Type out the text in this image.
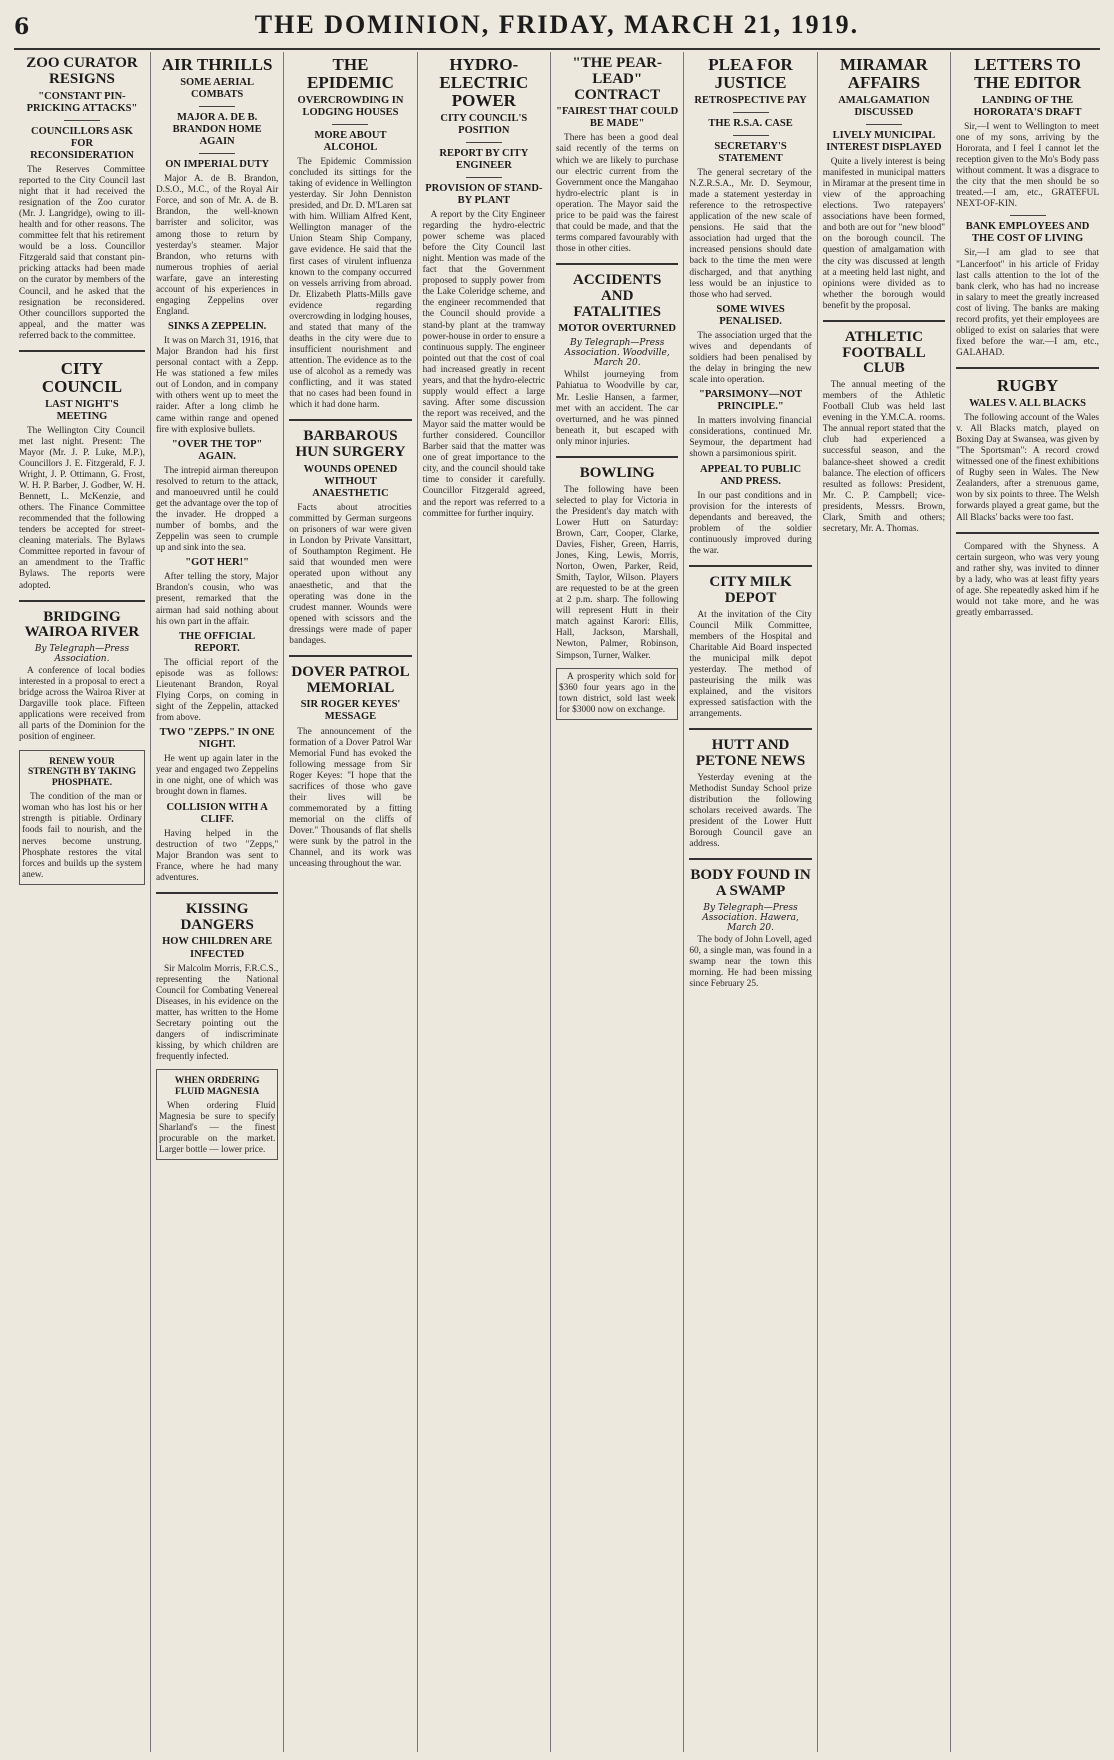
6	THE DOMINION, FRIDAY, MARCH 21, 1919.
ZOO CURATOR RESIGNS
"CONSTANT PIN-PRICKING ATTACKS"
COUNCILLORS ASK FOR RECONSIDERATION

The Reserves Committee reported to the City Council last night that it had received the resignation of the Zoo curator (Mr. J. Langridge), owing to ill-health and for other reasons. The committee felt that his retirement would be a loss. Councillor Fitzgerald said that constant pin-pricking attacks had been made on the curator by members of the Council, and he asked that the resignation be reconsidered. Other councillors supported the appeal, and the matter was referred back to the committee.

CITY COUNCIL
LAST NIGHT'S MEETING

The Wellington City Council met last night. Present: The Mayor (Mr. J. P. Luke, M.P.), Councillors J. E. Fitzgerald, F. J. Wright, J. P. Ottimann, G. Frost, W. H. P. Barber, J. Godber, W. H. Bennett, L. McKenzie, and others. The Finance Committee recommended that the following tenders be accepted for street-cleaning materials. The Bylaws Committee reported in favour of an amendment to the Traffic Bylaws. The reports were adopted.

BRIDGING WAIROA RIVER
By Telegraph—Press Association.

A conference of local bodies interested in a proposal to erect a bridge across the Wairoa River at Dargaville took place. Fifteen applications were received from all parts of the Dominion for the position of engineer.

RENEW YOUR STRENGTH BY TAKING PHOSPHATE.

The condition of the man or woman who has lost his or her strength is pitiable. Ordinary foods fail to nourish, and the nerves become unstrung. Phosphate restores the vital forces and builds up the system anew.

AIR THRILLS
SOME AERIAL COMBATS
MAJOR A. DE B. BRANDON HOME AGAIN
ON IMPERIAL DUTY

Major A. de B. Brandon, D.S.O., M.C., of the Royal Air Force, and son of Mr. A. de B. Brandon, the well-known barrister and solicitor, was among those to return by yesterday's steamer. Major Brandon, who returns with numerous trophies of aerial warfare, gave an interesting account of his experiences in engaging Zeppelins over England.

SINKS A ZEPPELIN.

It was on March 31, 1916, that Major Brandon had his first personal contact with a Zepp. He was stationed a few miles out of London, and in company with others went up to meet the raider. After a long climb he came within range and opened fire with explosive bullets.

"OVER THE TOP" AGAIN.

The intrepid airman thereupon resolved to return to the attack, and manoeuvred until he could get the advantage over the top of the invader. He dropped a number of bombs, and the Zeppelin was seen to crumple up and sink into the sea.

"GOT HER!"

After telling the story, Major Brandon's cousin, who was present, remarked that the airman had said nothing about his own part in the affair.

THE OFFICIAL REPORT.

The official report of the episode was as follows: Lieutenant Brandon, Royal Flying Corps, on coming in sight of the Zeppelin, attacked from above.

TWO "ZEPPS." IN ONE NIGHT.

He went up again later in the year and engaged two Zeppelins in one night, one of which was brought down in flames.

COLLISION WITH A CLIFF.

Having helped in the destruction of two "Zepps," Major Brandon was sent to France, where he had many adventures.

KISSING DANGERS
HOW CHILDREN ARE INFECTED

Sir Malcolm Morris, F.R.C.S., representing the National Council for Combating Venereal Diseases, in his evidence on the matter, has written to the Home Secretary pointing out the dangers of indiscriminate kissing, by which children are frequently infected.

WHEN ORDERING FLUID MAGNESIA

When ordering Fluid Magnesia be sure to specify Sharland's — the finest procurable on the market. Larger bottle — lower price.

THE EPIDEMIC
OVERCROWDING IN LODGING HOUSES
MORE ABOUT ALCOHOL

The Epidemic Commission concluded its sittings for the taking of evidence in Wellington yesterday. Sir John Denniston presided, and Dr. D. M'Laren sat with him. William Alfred Kent, Wellington manager of the Union Steam Ship Company, gave evidence. He said that the first cases of virulent influenza known to the company occurred on vessels arriving from abroad. Dr. Elizabeth Platts-Mills gave evidence regarding overcrowding in lodging houses, and stated that many of the deaths in the city were due to insufficient nourishment and attention. The evidence as to the use of alcohol as a remedy was conflicting, and it was stated that no cases had been found in which it had done harm.

BARBAROUS HUN SURGERY
WOUNDS OPENED WITHOUT ANAESTHETIC

Facts about atrocities committed by German surgeons on prisoners of war were given in London by Private Vansittart, of Southampton Regiment. He said that wounded men were operated upon without any anaesthetic, and that the operating was done in the crudest manner. Wounds were opened with scissors and the dressings were made of paper bandages.

DOVER PATROL MEMORIAL
SIR ROGER KEYES' MESSAGE

The announcement of the formation of a Dover Patrol War Memorial Fund has evoked the following message from Sir Roger Keyes: "I hope that the sacrifices of those who gave their lives will be commemorated by a fitting memorial on the cliffs of Dover." Thousands of flat shells were sunk by the patrol in the Channel, and its work was unceasing throughout the war.

HYDRO-ELECTRIC POWER
CITY COUNCIL'S POSITION
REPORT BY CITY ENGINEER
PROVISION OF STAND-BY PLANT

A report by the City Engineer regarding the hydro-electric power scheme was placed before the City Council last night. Mention was made of the fact that the Government proposed to supply power from the Lake Coleridge scheme, and the engineer recommended that the Council should provide a stand-by plant at the tramway power-house in order to ensure a continuous supply. The engineer pointed out that the cost of coal had increased greatly in recent years, and that the hydro-electric supply would effect a large saving. After some discussion the report was received, and the Mayor said the matter would be further considered. Councillor Barber said that the matter was one of great importance to the city, and the council should take time to consider it carefully. Councillor Fitzgerald agreed, and the report was referred to a committee for further inquiry.

"THE PEAR-LEAD" CONTRACT
"FAIREST THAT COULD BE MADE"

There has been a good deal said recently of the terms on which we are likely to purchase our electric current from the Government once the Mangahao hydro-electric plant is in operation. The Mayor said the price to be paid was the fairest that could be made, and that the terms compared favourably with those in other cities.

ACCIDENTS AND FATALITIES
MOTOR OVERTURNED
By Telegraph—Press Association. Woodville, March 20.

Whilst journeying from Pahiatua to Woodville by car, Mr. Leslie Hansen, a farmer, met with an accident. The car overturned, and he was pinned beneath it, but escaped with only minor injuries.

BOWLING

The following have been selected to play for Victoria in the President's day match with Lower Hutt on Saturday: Brown, Carr, Cooper, Clarke, Davies, Fisher, Green, Harris, Jones, King, Lewis, Morris, Norton, Owen, Parker, Reid, Smith, Taylor, Wilson. Players are requested to be at the green at 2 p.m. sharp. The following will represent Hutt in their match against Karori: Ellis, Hall, Jackson, Marshall, Newton, Palmer, Robinson, Simpson, Turner, Walker.

A prosperity which sold for $360 four years ago in the town district, sold last week for $3000 now on exchange.

PLEA FOR JUSTICE
RETROSPECTIVE PAY
THE R.S.A. CASE
SECRETARY'S STATEMENT

The general secretary of the N.Z.R.S.A., Mr. D. Seymour, made a statement yesterday in reference to the retrospective application of the new scale of pensions. He said that the association had urged that the increased pensions should date back to the time the men were discharged, and that anything less would be an injustice to those who had served.

SOME WIVES PENALISED.

The association urged that the wives and dependants of soldiers had been penalised by the delay in bringing the new scale into operation.

"PARSIMONY—NOT PRINCIPLE."

In matters involving financial considerations, continued Mr. Seymour, the department had shown a parsimonious spirit.

APPEAL TO PUBLIC AND PRESS.

In our past conditions and in provision for the interests of dependants and bereaved, the problem of the soldier continuously improved during the war.

CITY MILK DEPOT

At the invitation of the City Council Milk Committee, members of the Hospital and Charitable Aid Board inspected the municipal milk depot yesterday. The method of pasteurising the milk was explained, and the visitors expressed satisfaction with the arrangements.

HUTT AND PETONE NEWS

Yesterday evening at the Methodist Sunday School prize distribution the following scholars received awards. The president of the Lower Hutt Borough Council gave an address.

BODY FOUND IN A SWAMP
By Telegraph—Press Association. Hawera, March 20.

The body of John Lovell, aged 60, a single man, was found in a swamp near the town this morning. He had been missing since February 25.

MIRAMAR AFFAIRS
AMALGAMATION DISCUSSED
LIVELY MUNICIPAL INTEREST DISPLAYED

Quite a lively interest is being manifested in municipal matters in Miramar at the present time in view of the approaching elections. Two ratepayers' associations have been formed, and both are out for "new blood" on the borough council. The question of amalgamation with the city was discussed at length at a meeting held last night, and opinions were divided as to whether the borough would benefit by the proposal.

ATHLETIC FOOTBALL CLUB

The annual meeting of the members of the Athletic Football Club was held last evening in the Y.M.C.A. rooms. The annual report stated that the club had experienced a successful season, and the balance-sheet showed a credit balance. The election of officers resulted as follows: President, Mr. C. P. Campbell; vice-presidents, Messrs. Brown, Clark, Smith and others; secretary, Mr. A. Thomas.

LETTERS TO THE EDITOR
LANDING OF THE HORORATA'S DRAFT

Sir,—I went to Wellington to meet one of my sons, arriving by the Hororata, and I feel I cannot let the reception given to the Mo's Body pass without comment. It was a disgrace to the city that the men should be so treated.—I am, etc., GRATEFUL NEXT-OF-KIN.

BANK EMPLOYEES AND THE COST OF LIVING

Sir,—I am glad to see that "Lancerfoot" in his article of Friday last calls attention to the lot of the bank clerk, who has had no increase in salary to meet the greatly increased cost of living. The banks are making record profits, yet their employees are obliged to exist on salaries that were fixed before the war.—I am, etc., GALAHAD.

RUGBY
WALES V. ALL BLACKS

The following account of the Wales v. All Blacks match, played on Boxing Day at Swansea, was given by "The Sportsman": A record crowd witnessed one of the finest exhibitions of Rugby seen in Wales. The New Zealanders, after a strenuous game, won by six points to three. The Welsh forwards played a great game, but the All Blacks' backs were too fast.

Compared with the Shyness. A certain surgeon, who was very young and rather shy, was invited to dinner by a lady, who was at least fifty years of age. She repeatedly asked him if he would not take more, and he was greatly embarrassed.
